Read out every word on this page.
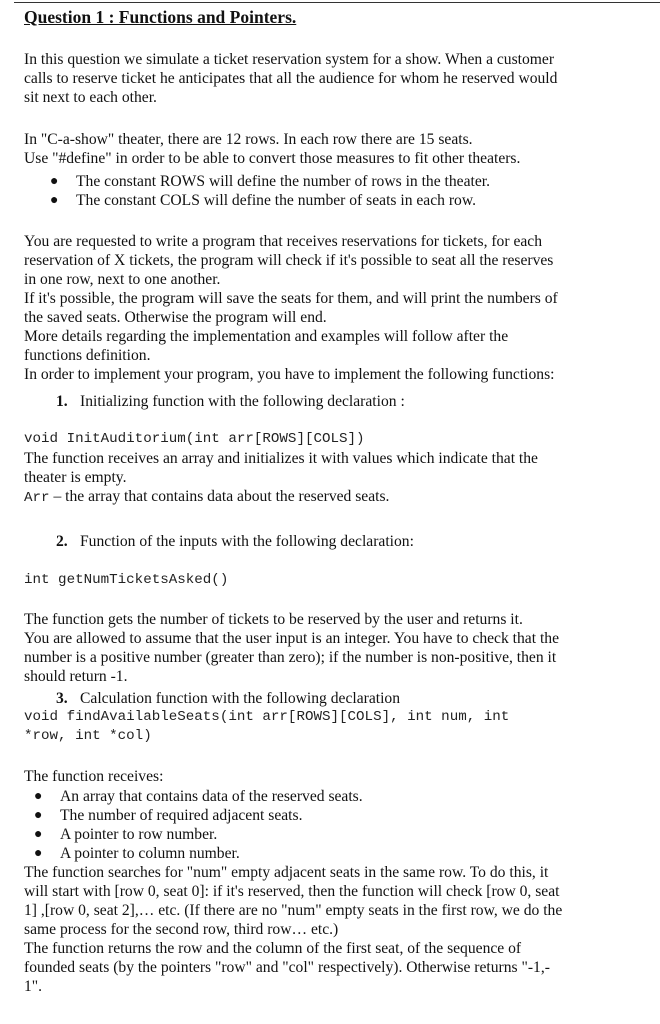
Question 1 : Functions and Pointers.
In this question we simulate a ticket reservation system for a show. When a customer
calls to reserve ticket he anticipates that all the audience for whom he reserved would
sit next to each other.
In "C-a-show" theater, there are 12 rows. In each row there are 15 seats.
Use "#define" in order to be able to convert those measures to fit other theaters.
● The constant ROWS will define the number of rows in the theater.
● The constant COLS will define the number of seats in each row.
You are requested to write a program that receives reservations for tickets, for each
reservation of X tickets, the program will check if it's possible to seat all the reserves
in one row, next to one another.
If it's possible, the program will save the seats for them, and will print the numbers of
the saved seats. Otherwise the program will end.
More details regarding the implementation and examples will follow after the
functions definition.
In order to implement your program, you have to implement the following functions:
1. Initializing function with the following declaration :
void InitAuditorium(int arr[ROWS][COLS])
The function receives an array and initializes it with values which indicate that the
theater is empty.
Arr – the array that contains data about the reserved seats.
2. Function of the inputs with the following declaration:
int getNumTicketsAsked()
The function gets the number of tickets to be reserved by the user and returns it.
You are allowed to assume that the user input is an integer. You have to check that the
number is a positive number (greater than zero); if the number is non-positive, then it
should return -1.
3. Calculation function with the following declaration
void findAvailableSeats(int arr[ROWS][COLS], int num, int
*row, int *col)
The function receives:
● An array that contains data of the reserved seats.
● The number of required adjacent seats.
● A pointer to row number.
● A pointer to column number.
The function searches for "num" empty adjacent seats in the same row. To do this, it
will start with [row 0, seat 0]: if it's reserved, then the function will check [row 0, seat
1] ,[row 0, seat 2],… etc. (If there are no "num" empty seats in the first row, we do the
same process for the second row, third row… etc.)
The function returns the row and the column of the first seat, of the sequence of
founded seats (by the pointers "row" and "col" respectively). Otherwise returns "-1,-
1".
